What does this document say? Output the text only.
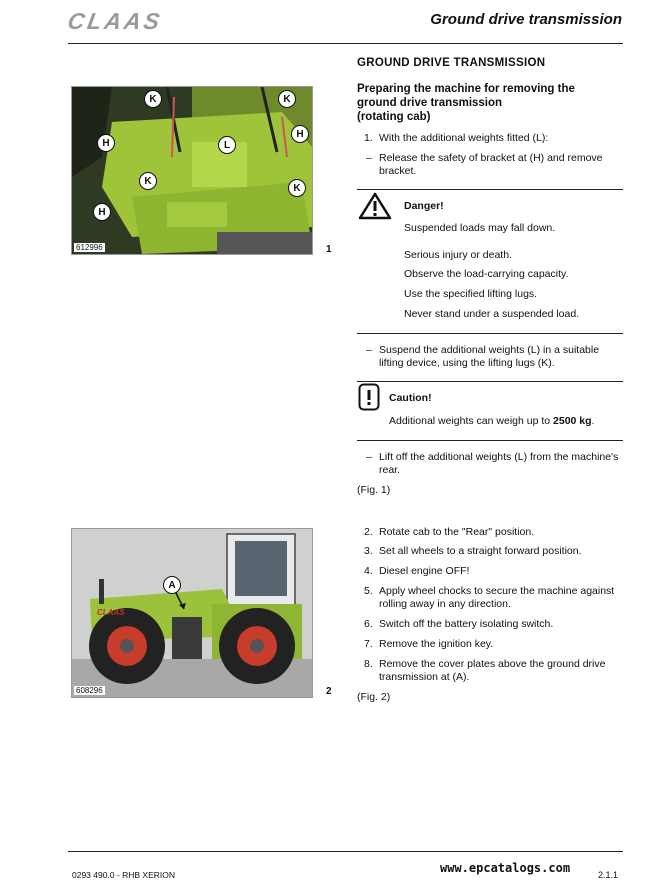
CLAAS	Ground drive transmission
K	K
H
H
L
K
K
H
612996	1
CLAAS
A
608296	2
GROUND DRIVE TRANSMISSION
Preparing the machine for removing the
ground drive transmission
(rotating cab)
1. With the additional weights fitted (L):
– Release the safety of bracket at (H) and remove bracket.
Danger!
Suspended loads may fall down.
Serious injury or death.
Observe the load-carrying capacity.
Use the specified lifting lugs.
Never stand under a suspended load.
– Suspend the additional weights (L) in a suitable lifting device, using the lifting lugs (K).
Caution!
Additional weights can weigh up to 2500 kg.
– Lift off the additional weights (L) from the machine's rear.
(Fig. 1)
2. Rotate cab to the "Rear" position.
3. Set all wheels to a straight forward position.
4. Diesel engine OFF!
5. Apply wheel chocks to secure the machine against rolling away in any direction.
6. Switch off the battery isolating switch.
7. Remove the ignition key.
8. Remove the cover plates above the ground drive transmission at (A).
(Fig. 2)
0293 490.0 - RHB XERION	www.epcatalogs.com	2.1.1
